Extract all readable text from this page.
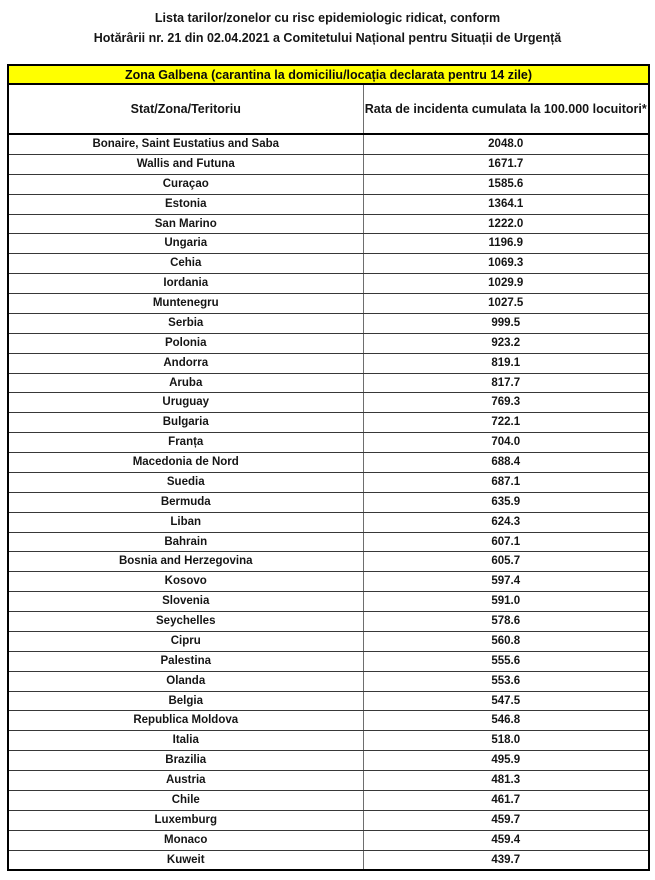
Lista tarilor/zonelor cu risc epidemiologic ridicat, conform
Hotărârii nr. 21 din 02.04.2021 a Comitetului Național pentru Situații de Urgență
Zona Galbena (carantina la domiciliu/locația declarata pentru 14 zile)	
Stat/Zona/Teritoriu	Rata de incidenta cumulata la 100.000 locuitori*
Bonaire, Saint Eustatius and Saba	2048.0
Wallis and Futuna	1671.7
Curaçao	1585.6
Estonia	1364.1
San Marino	1222.0
Ungaria	1196.9
Cehia	1069.3
Iordania	1029.9
Muntenegru	1027.5
Serbia	999.5
Polonia	923.2
Andorra	819.1
Aruba	817.7
Uruguay	769.3
Bulgaria	722.1
Franța	704.0
Macedonia de Nord	688.4
Suedia	687.1
Bermuda	635.9
Liban	624.3
Bahrain	607.1
Bosnia and Herzegovina	605.7
Kosovo	597.4
Slovenia	591.0
Seychelles	578.6
Cipru	560.8
Palestina	555.6
Olanda	553.6
Belgia	547.5
Republica Moldova	546.8
Italia	518.0
Brazilia	495.9
Austria	481.3
Chile	461.7
Luxemburg	459.7
Monaco	459.4
Kuweit	439.7
